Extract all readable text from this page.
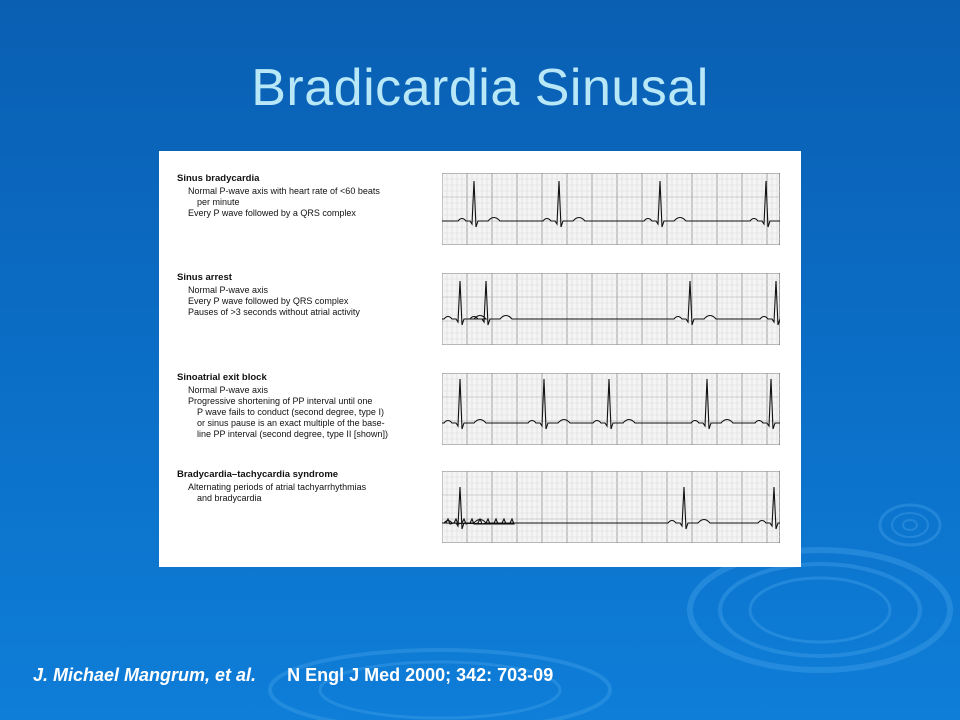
Bradicardia Sinusal
Sinus bradycardia
Normal P-wave axis with heart rate of <60 beats
per minute
Every P wave followed by a QRS complex
Sinus arrest
Normal P-wave axis
Every P wave followed by QRS complex
Pauses of >3 seconds without atrial activity
Sinoatrial exit block
Normal P-wave axis
Progressive shortening of PP interval until one
P wave fails to conduct (second degree, type I)
or sinus pause is an exact multiple of the base-
line PP interval (second degree, type II [shown])
Bradycardia–tachycardia syndrome
Alternating periods of atrial tachyarrhythmias
and bradycardia
J. Michael Mangrum, et al. N Engl J Med 2000; 342: 703-09
